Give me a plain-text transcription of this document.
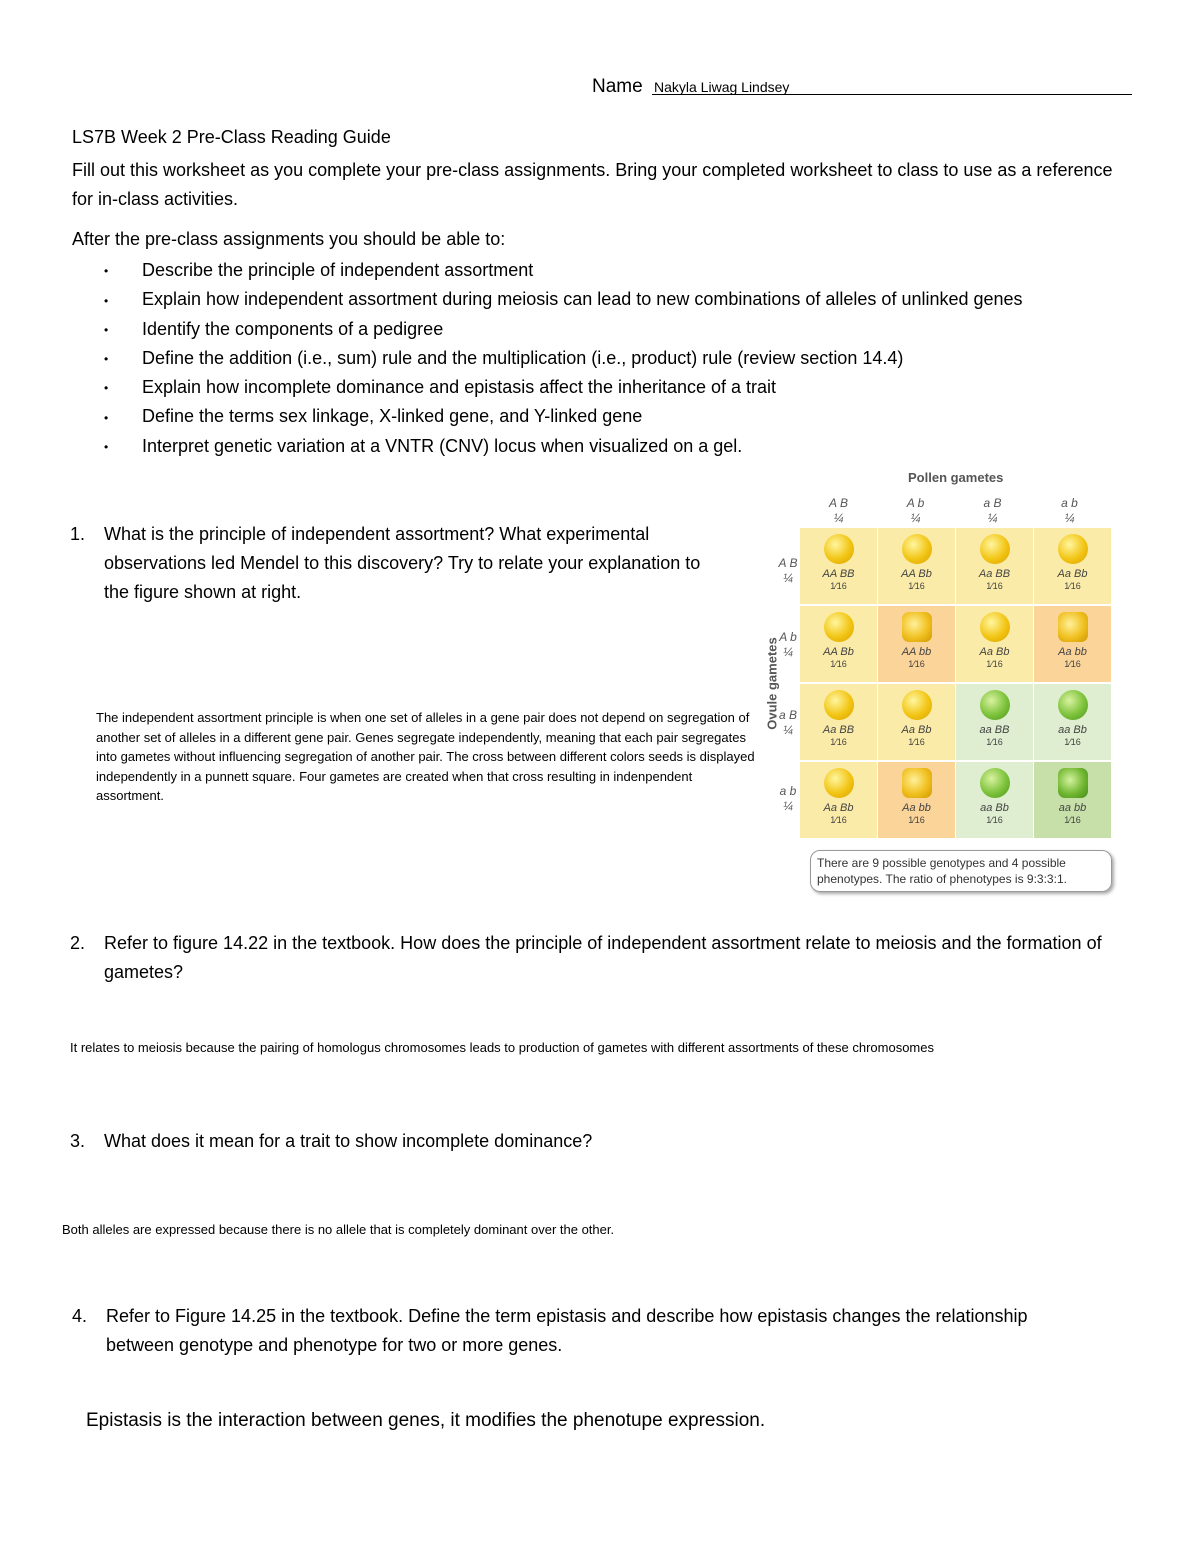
Name Nakyla Liwag Lindsey
LS7B Week 2 Pre-Class Reading Guide
Fill out this worksheet as you complete your pre-class assignments. Bring your completed worksheet to class to use as a reference for in-class activities.
After the pre-class assignments you should be able to:
• Describe the principle of independent assortment
• Explain how independent assortment during meiosis can lead to new combinations of alleles of unlinked genes
• Identify the components of a pedigree
• Define the addition (i.e., sum) rule and the multiplication (i.e., product) rule (review section 14.4)
• Explain how incomplete dominance and epistasis affect the inheritance of a trait
• Define the terms sex linkage, X-linked gene, and Y-linked gene
• Interpret genetic variation at a VNTR (CNV) locus when visualized on a gel.
1. What is the principle of independent assortment? What experimental observations led Mendel to this discovery? Try to relate your explanation to the figure shown at right.
The independent assortment principle is when one set of alleles in a gene pair does not depend on segregation of another set of alleles in a different gene pair. Genes segregate independently, meaning that each pair segregates into gametes without influencing segregation of another pair. The cross between different colors seeds is displayed independently in a punnett square. Four gametes are created when that cross resulting in indenpendent assortment.
Pollen gametes
Ovule gametes
A B
¼
A b
¼
a B
¼
a b
¼
A B
¼
A b
¼
a B
¼
a b
¼
AA BB
1⁄16
AA Bb
1⁄16
Aa BB
1⁄16
Aa Bb
1⁄16
AA Bb
1⁄16
AA bb
1⁄16
Aa Bb
1⁄16
Aa bb
1⁄16
Aa BB
1⁄16
Aa Bb
1⁄16
aa BB
1⁄16
aa Bb
1⁄16
Aa Bb
1⁄16
Aa bb
1⁄16
aa Bb
1⁄16
aa bb
1⁄16
There are 9 possible genotypes and 4 possible phenotypes. The ratio of phenotypes is 9:3:3:1.
2. Refer to figure 14.22 in the textbook. How does the principle of independent assortment relate to meiosis and the formation of gametes?
It relates to meiosis because the pairing of homologus chromosomes leads to production of gametes with different assortments of these chromosomes
3. What does it mean for a trait to show incomplete dominance?
Both alleles are expressed because there is no allele that is completely dominant over the other.
4. Refer to Figure 14.25 in the textbook. Define the term epistasis and describe how epistasis changes the relationship between genotype and phenotype for two or more genes.
Epistasis is the interaction between genes, it modifies the phenotupe expression.
